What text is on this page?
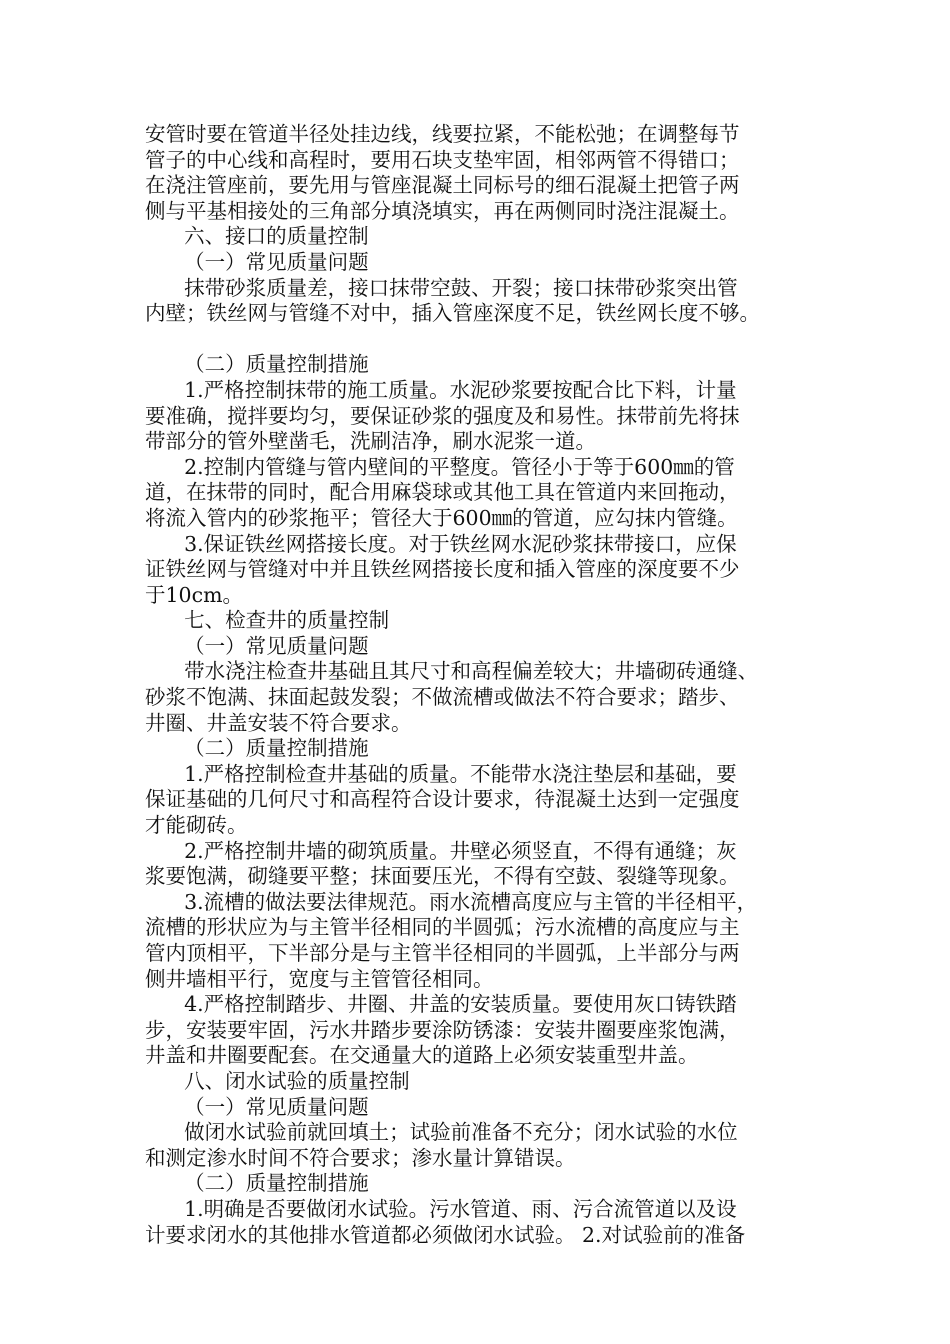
安管时要在管道半径处挂边线，线要拉紧，不能松弛；在调整每节
管子的中心线和高程时，要用石块支垫牢固，相邻两管不得错口；
在浇注管座前，要先用与管座混凝土同标号的细石混凝土把管子两
侧与平基相接处的三角部分填浇填实，再在两侧同时浇注混凝土。
六、接口的质量控制
（一）常见质量问题
抹带砂浆质量差，接口抹带空鼓、开裂；接口抹带砂浆突出管
内壁；铁丝网与管缝不对中，插入管座深度不足，铁丝网长度不够。
（二）质量控制措施
1.严格控制抹带的施工质量。水泥砂浆要按配合比下料，计量
要准确，搅拌要均匀，要保证砂浆的强度及和易性。抹带前先将抹
带部分的管外壁凿毛，洗刷洁净，刷水泥浆一道。
2.控制内管缝与管内壁间的平整度。管径小于等于600㎜的管
道，在抹带的同时，配合用麻袋球或其他工具在管道内来回拖动，
将流入管内的砂浆拖平；管径大于600㎜的管道，应勾抹内管缝。
3.保证铁丝网搭接长度。对于铁丝网水泥砂浆抹带接口，应保
证铁丝网与管缝对中并且铁丝网搭接长度和插入管座的深度要不少
于10cm。
七、检查井的质量控制
（一）常见质量问题
带水浇注检查井基础且其尺寸和高程偏差较大；井墙砌砖通缝、
砂浆不饱满、抹面起鼓发裂；不做流槽或做法不符合要求；踏步、
井圈、井盖安装不符合要求。
（二）质量控制措施
1.严格控制检查井基础的质量。不能带水浇注垫层和基础，要
保证基础的几何尺寸和高程符合设计要求，待混凝土达到一定强度
才能砌砖。
2.严格控制井墙的砌筑质量。井壁必须竖直，不得有通缝；灰
浆要饱满，砌缝要平整；抹面要压光，不得有空鼓、裂缝等现象。
3.流槽的做法要法律规范。雨水流槽高度应与主管的半径相平，
流槽的形状应为与主管半径相同的半圆弧；污水流槽的高度应与主
管内顶相平，下半部分是与主管半径相同的半圆弧，上半部分与两
侧井墙相平行，宽度与主管管径相同。
4.严格控制踏步、井圈、井盖的安装质量。要使用灰口铸铁踏
步，安装要牢固，污水井踏步要涂防锈漆：安装井圈要座浆饱满，
井盖和井圈要配套。在交通量大的道路上必须安装重型井盖。
八、闭水试验的质量控制
（一）常见质量问题
做闭水试验前就回填土；试验前准备不充分；闭水试验的水位
和测定渗水时间不符合要求；渗水量计算错误。
（二）质量控制措施
1.明确是否要做闭水试验。污水管道、雨、污合流管道以及设
计要求闭水的其他排水管道都必须做闭水试验。 2.对试验前的准备
